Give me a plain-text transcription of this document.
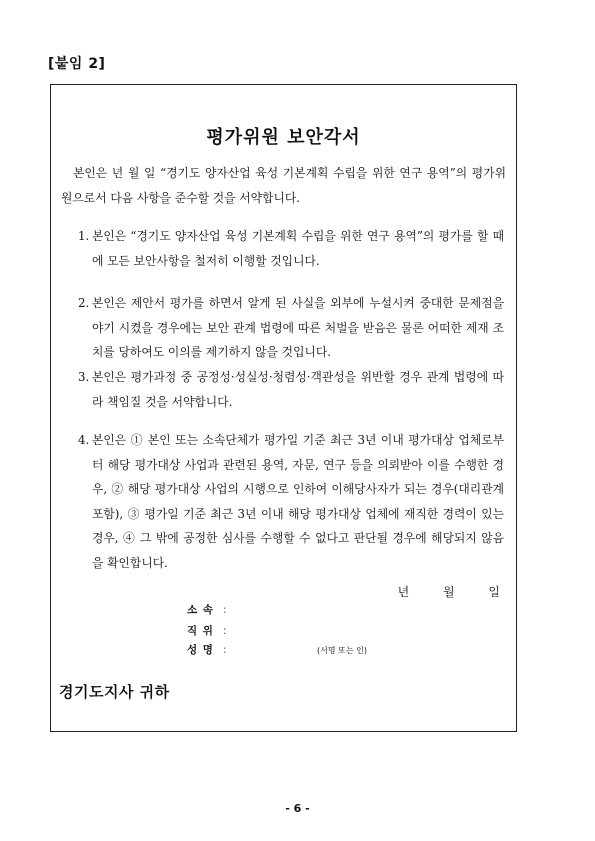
[붙임 2]
평가위원 보안각서
본인은 년 월 일 “경기도 양자산업 육성 기본계획 수립을 위한 연구 용역”의 평가위원으로서 다음 사항을 준수할 것을 서약합니다.
1. 본인은 “경기도 양자산업 육성 기본계획 수립을 위한 연구 용역”의 평가를 할 때에 모든 보안사항을 철저히 이행할 것입니다.
2. 본인은 제안서 평가를 하면서 알게 된 사실을 외부에 누설시켜 중대한 문제점을 야기 시켰을 경우에는 보안 관계 법령에 따른 처벌을 받음은 물론 어떠한 제재 조치를 당하여도 이의를 제기하지 않을 것입니다.
3. 본인은 평가과정 중 공정성·성실성·청렴성·객관성을 위반할 경우 관계 법령에 따라 책임질 것을 서약합니다.
4. 본인은 ① 본인 또는 소속단체가 평가일 기준 최근 3년 이내 평가대상 업체로부터 해당 평가대상 사업과 관련된 용역, 자문, 연구 등을 의뢰받아 이를 수행한 경우, ② 해당 평가대상 사업의 시행으로 인하여 이해당사자가 되는 경우(대리관계 포함), ③ 평가일 기준 최근 3년 이내 해당 평가대상 업체에 재직한 경력이 있는 경우, ④ 그 밖에 공정한 심사를 수행할 수 없다고 판단될 경우에 해당되지 않음을 확인합니다.
년	월	일
소 속 :
직 위 :
성 명 :	(서명 또는 인)
경기도지사 귀하
- 6 -
